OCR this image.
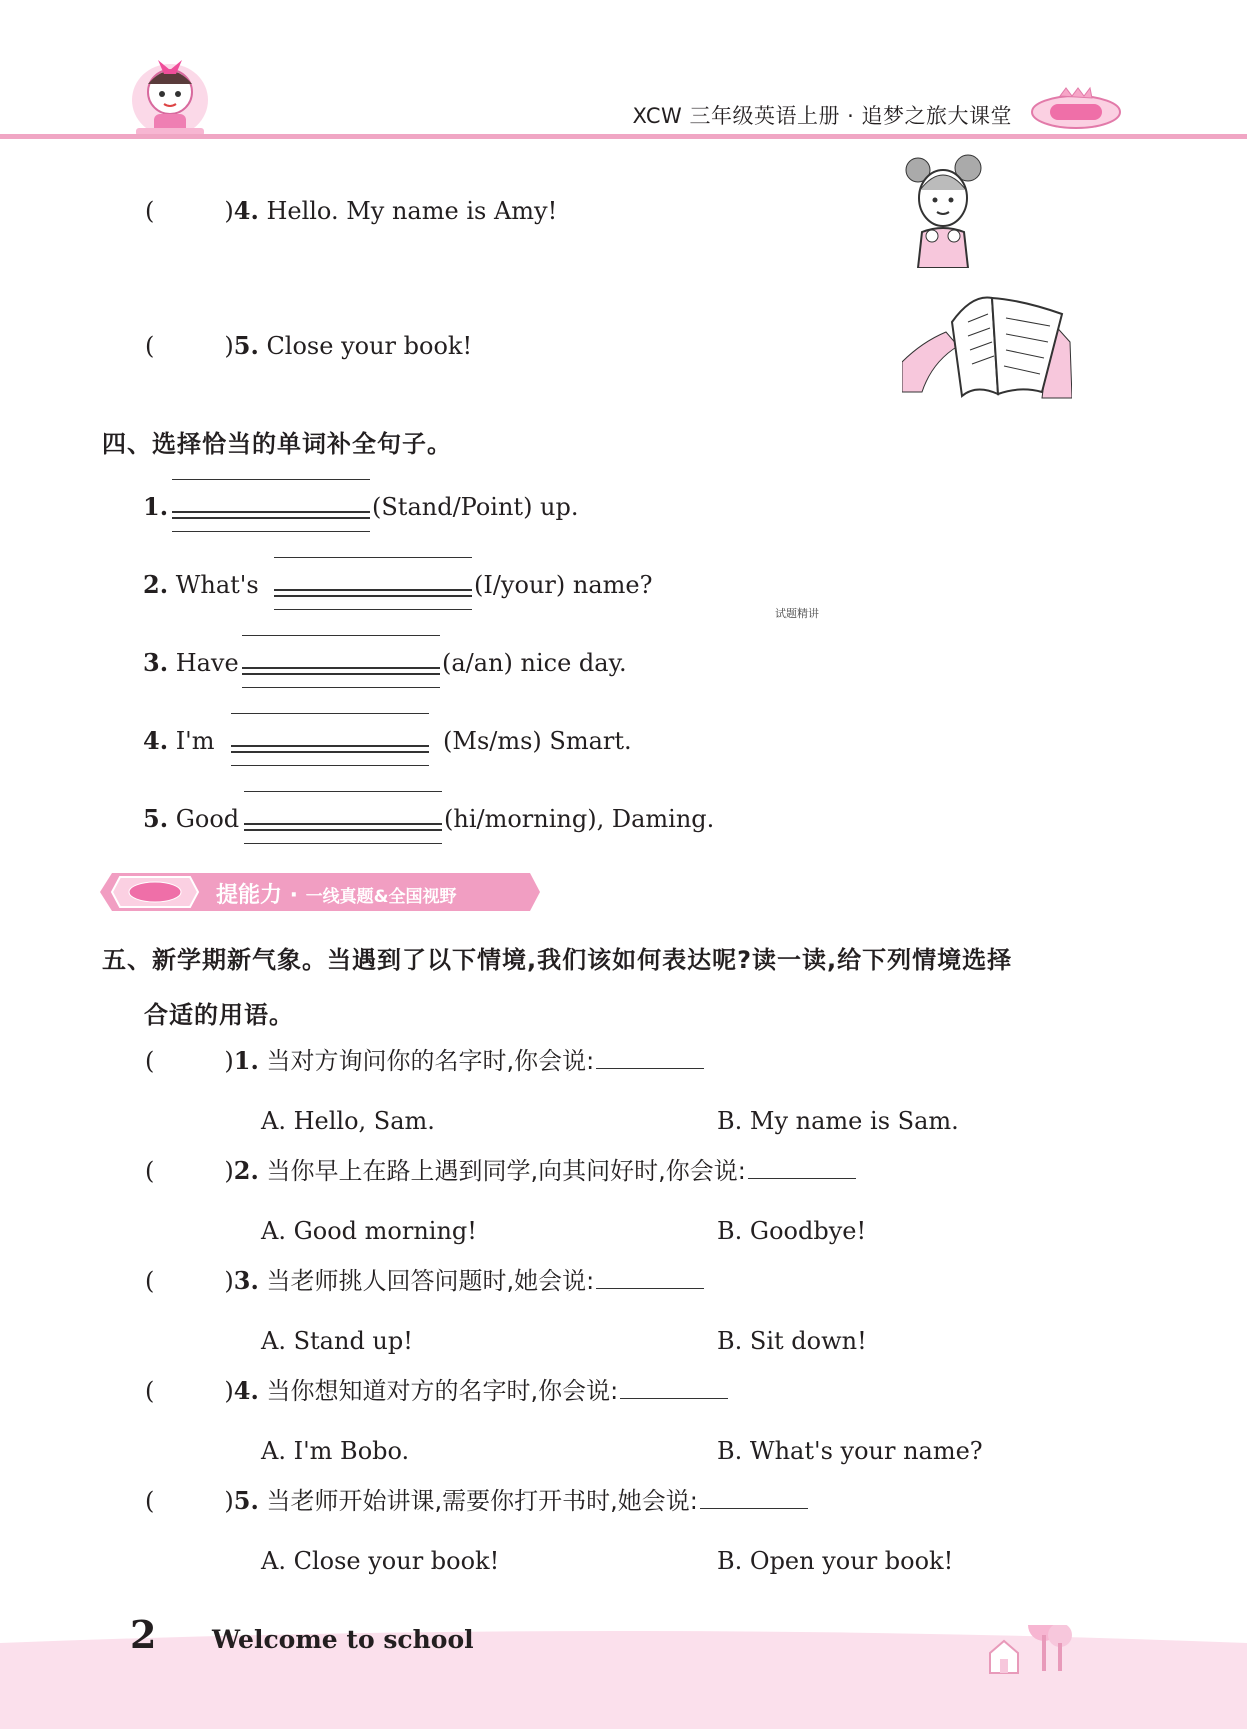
XCW 三年级英语上册 · 追梦之旅大课堂
(	)4. Hello. My name is Amy!
(	)5. Close your book!
四、选择恰当的单词补全句子。
1.	(Stand/Point) up.
2. What's	(I/your) name?
试题精讲
3. Have	(a/an) nice day.
4. I'm	(Ms/ms) Smart.
5. Good	(hi/morning), Daming.
提能力 · 一线真题&全国视野
五、新学期新气象。当遇到了以下情境,我们该如何表达呢?读一读,给下列情境选择
合适的用语。
(	)1. 当对方询问你的名字时,你会说:
A. Hello, Sam.	B. My name is Sam.
(	)2. 当你早上在路上遇到同学,向其问好时,你会说:
A. Good morning!	B. Goodbye!
(	)3. 当老师挑人回答问题时,她会说:
A. Stand up!	B. Sit down!
(	)4. 当你想知道对方的名字时,你会说:
A. I'm Bobo.	B. What's your name?
(	)5. 当老师开始讲课,需要你打开书时,她会说:
A. Close your book!	B. Open your book!
2 Welcome to school
